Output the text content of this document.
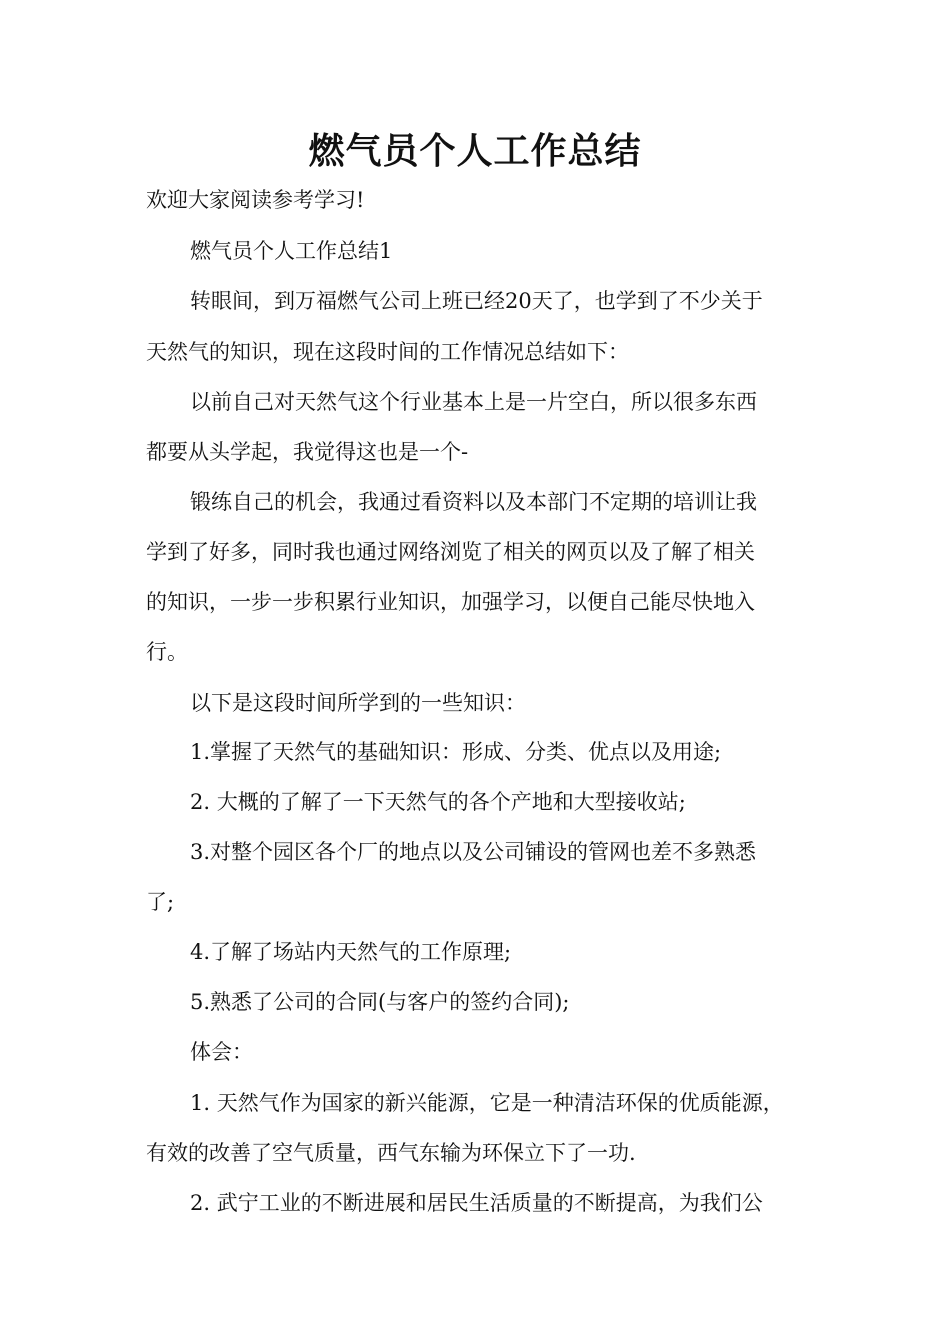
燃气员个人工作总结
欢迎大家阅读参考学习!
燃气员个人工作总结1
转眼间，到万福燃气公司上班已经20天了，也学到了不少关于
天然气的知识，现在这段时间的工作情况总结如下：
以前自己对天然气这个行业基本上是一片空白，所以很多东西
都要从头学起，我觉得这也是一个-
锻练自己的机会，我通过看资料以及本部门不定期的培训让我
学到了好多，同时我也通过网络浏览了相关的网页以及了解了相关
的知识，一步一步积累行业知识，加强学习，以便自己能尽快地入
行。
以下是这段时间所学到的一些知识：
1.掌握了天然气的基础知识：形成、分类、优点以及用途;
2. 大概的了解了一下天然气的各个产地和大型接收站;
3.对整个园区各个厂的地点以及公司铺设的管网也差不多熟悉
了;
4.了解了场站内天然气的工作原理;
5.熟悉了公司的合同(与客户的签约合同);
体会：
1. 天然气作为国家的新兴能源，它是一种清洁环保的优质能源，
有效的改善了空气质量，西气东输为环保立下了一功.
2. 武宁工业的不断进展和居民生活质量的不断提高，为我们公
